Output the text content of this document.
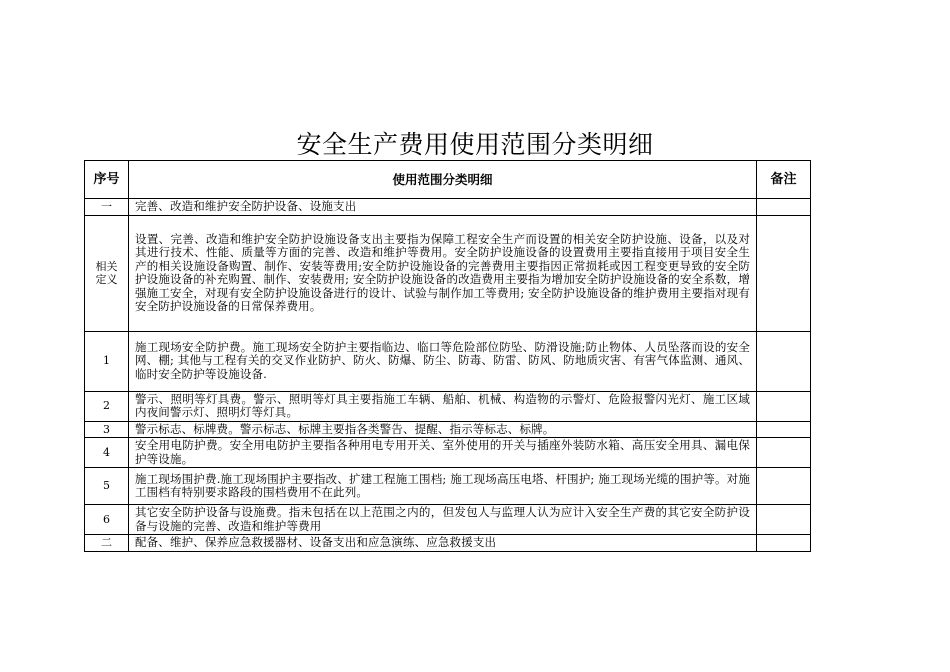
安全生产费用使用范围分类明细
序号	使用范围分类明细	备注
一	完善、改造和维护安全防护设备、设施支出	
相关定义	设置、完善、改造和维护安全防护设施设备支出主要指为保障工程安全生产而设置的相关安全防护设施、设备，以及对其进行技术、性能、质量等方面的完善、改造和维护等费用。安全防护设施设备的设置费用主要指直接用于项目安全生产的相关设施设备购置、制作、安装等费用;安全防护设施设备的完善费用主要指因正常损耗或因工程变更导致的安全防护设施设备的补充购置、制作、安装费用; 安全防护设施设备的改造费用主要指为增加安全防护设施设备的安全系数，增强施工安全，对现有安全防护设施设备进行的设计、试验与制作加工等费用; 安全防护设施设备的维护费用主要指对现有安全防护设施设备的日常保养费用。	
1	施工现场安全防护费。施工现场安全防护主要指临边、临口等危险部位防坠、防滑设施;防止物体、人员坠落而设的安全网、棚; 其他与工程有关的交叉作业防护、防火、防爆、防尘、防毒、防雷、防风、防地质灾害、有害气体监测、通风、临时安全防护等设施设备.	
2	警示、照明等灯具费。警示、照明等灯具主要指施工车辆、船舶、机械、构造物的示警灯、危险报警闪光灯、施工区域内夜间警示灯、照明灯等灯具。	
3	警示标志、标牌费。警示标志、标牌主要指各类警告、提醒、指示等标志、标牌。	
4	安全用电防护费。安全用电防护主要指各种用电专用开关、室外使用的开关与插座外装防水箱、高压安全用具、漏电保护等设施。	
5	施工现场围护费.施工现场围护主要指改、扩建工程施工围档; 施工现场高压电塔、杆围护; 施工现场光缆的围护等。对施工围档有特别要求路段的围档费用不在此列。	
6	其它安全防护设备与设施费。指未包括在以上范围之内的，但发包人与监理人认为应计入安全生产费的其它安全防护设备与设施的完善、改造和维护等费用	
二	配备、维护、保养应急救援器材、设备支出和应急演练、应急救援支出	
